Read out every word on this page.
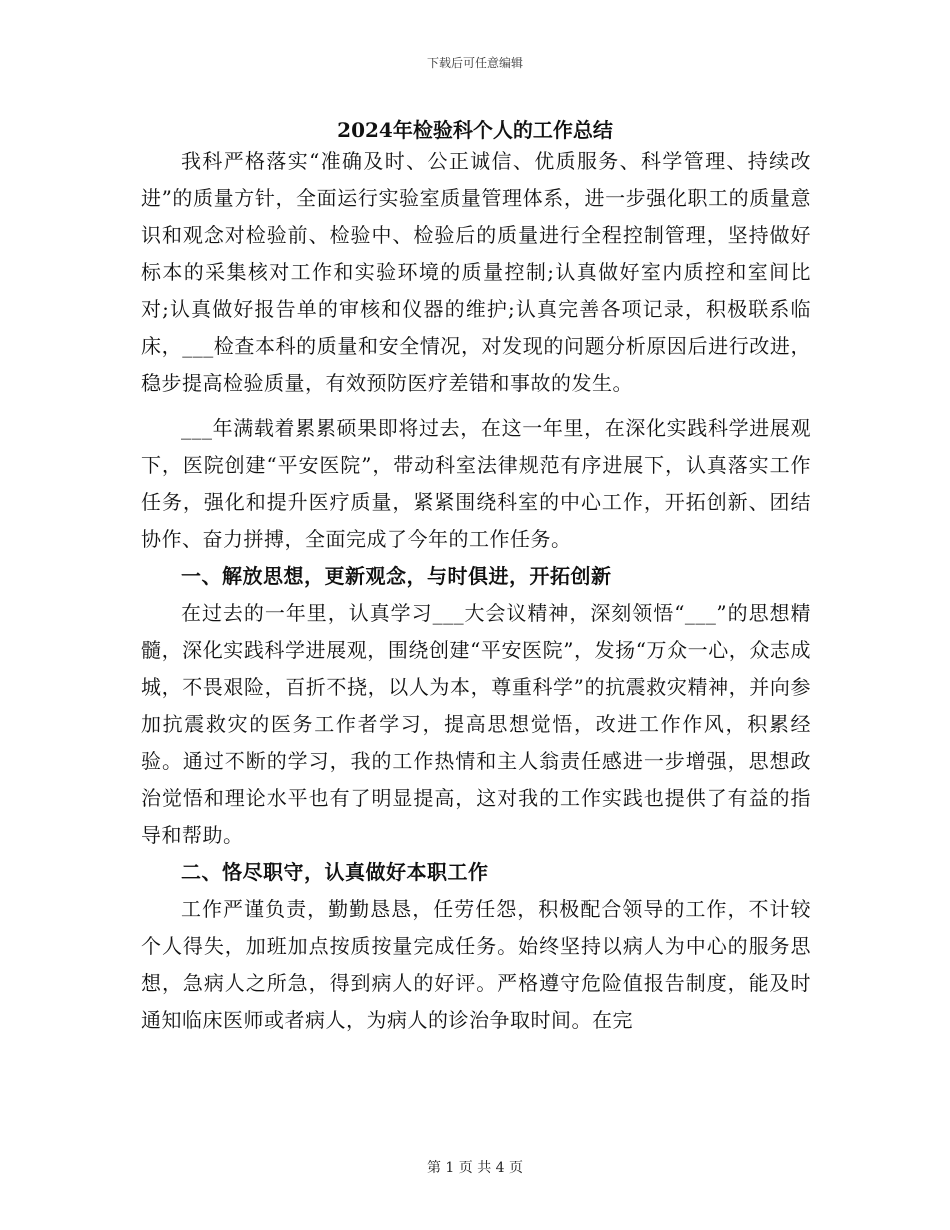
下载后可任意编辑
2024年检验科个人的工作总结

我科严格落实“准确及时、公正诚信、优质服务、科学管理、持续改进”的质量方针，全面运行实验室质量管理体系，进一步强化职工的质量意识和观念对检验前、检验中、检验后的质量进行全程控制管理，坚持做好标本的采集核对工作和实验环境的质量控制;认真做好室内质控和室间比对;认真做好报告单的审核和仪器的维护;认真完善各项记录，积极联系临床，___检查本科的质量和安全情况，对发现的问题分析原因后进行改进，稳步提高检验质量，有效预防医疗差错和事故的发生。

___年满载着累累硕果即将过去，在这一年里，在深化实践科学进展观下，医院创建“平安医院”，带动科室法律规范有序进展下，认真落实工作任务，强化和提升医疗质量，紧紧围绕科室的中心工作，开拓创新、团结协作、奋力拼搏，全面完成了今年的工作任务。

一、解放思想，更新观念，与时俱进，开拓创新

在过去的一年里，认真学习___大会议精神，深刻领悟“___”的思想精髓，深化实践科学进展观，围绕创建“平安医院”，发扬“万众一心，众志成城，不畏艰险，百折不挠，以人为本，尊重科学”的抗震救灾精神，并向参加抗震救灾的医务工作者学习，提高思想觉悟，改进工作作风，积累经验。通过不断的学习，我的工作热情和主人翁责任感进一步增强，思想政治觉悟和理论水平也有了明显提高，这对我的工作实践也提供了有益的指导和帮助。

二、恪尽职守，认真做好本职工作

工作严谨负责，勤勤恳恳，任劳任怨，积极配合领导的工作，不计较个人得失，加班加点按质按量完成任务。始终坚持以病人为中心的服务思想，急病人之所急，得到病人的好评。严格遵守危险值报告制度，能及时通知临床医师或者病人，为病人的诊治争取时间。在完

第 1 页 共 4 页
